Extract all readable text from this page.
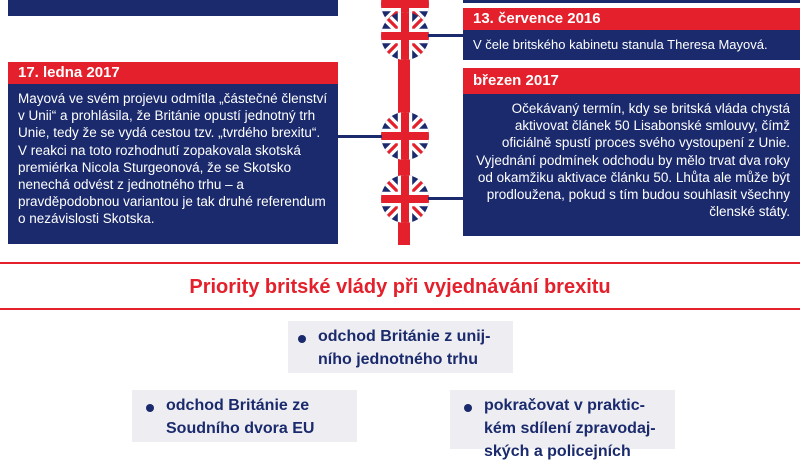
17. ledna 2017
Mayová ve svém projevu odmítla „částečné členství v Unii“ a prohlásila, že Británie opustí jednotný trh Unie, tedy že se vydá cestou tzv. „tvrdého brexitu“. V reakci na toto rozhodnutí zopakovala skotská premiérka Nicola Sturgeonová, že se Skotsko nenechá odvést z jednotného trhu – a pravděpodobnou variantou je tak druhé referendum o nezávislosti Skotska.
13. července 2016
V čele britského kabinetu stanula Theresa Mayová.
březen 2017
Očekávaný termín, kdy se britská vláda chystá aktivovat článek 50 Lisabonské smlouvy, čímž oficiálně spustí proces svého vystoupení z Unie. Vyjednání podmínek odchodu by mělo trvat dva roky od okamžiku aktivace článku 50. Lhůta ale může být prodloužena, pokud s tím budou souhlasit všechny členské státy.
Priority britské vlády při vyjednávání brexitu
odchod Británie z unijního jednotného trhu
odchod Británie ze Soudního dvora EU
pokračovat v praktickém sdílení zpravodajských a policejních
